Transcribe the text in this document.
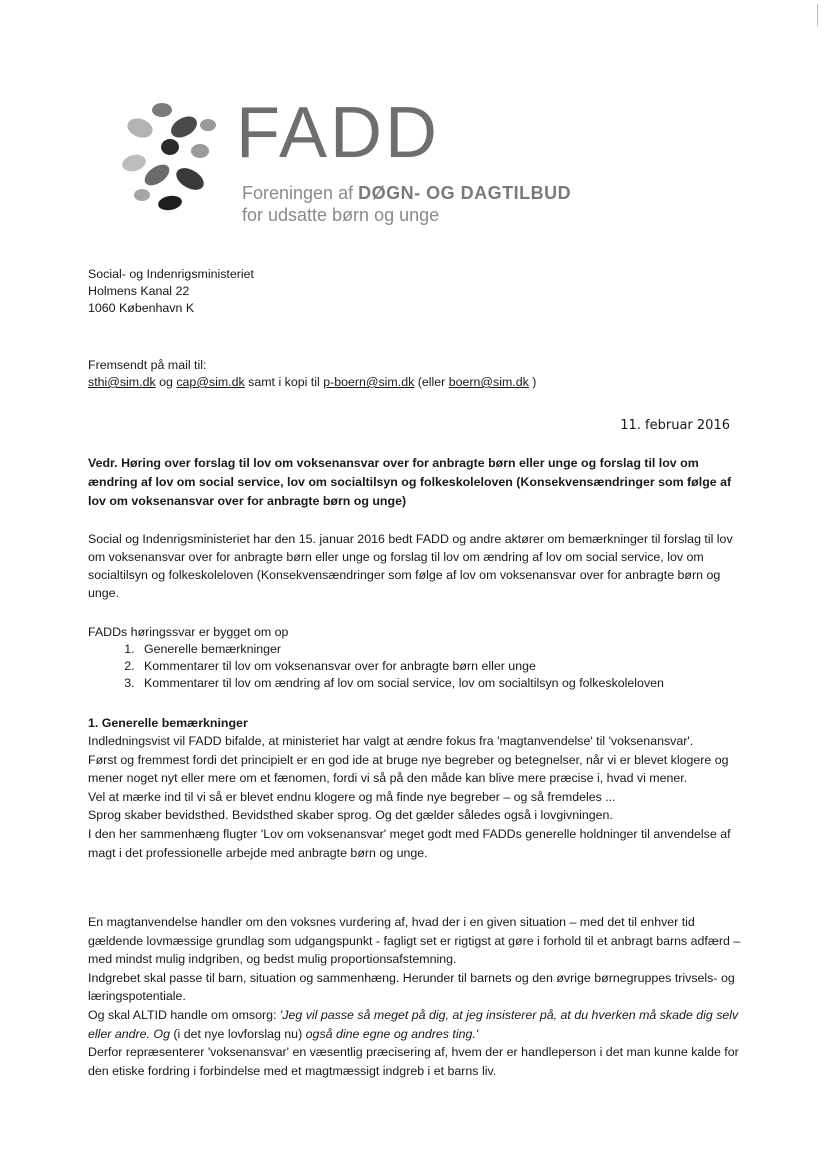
FADD
Foreningen af DØGN- OG DAGTILBUD
for udsatte børn og unge
Social- og Indenrigsministeriet
Holmens Kanal 22
1060 København K
Fremsendt på mail til:
sthi@sim.dk og cap@sim.dk samt i kopi til p-boern@sim.dk (eller boern@sim.dk )
11. februar 2016
Vedr. Høring over forslag til lov om voksenansvar over for anbragte børn eller unge og forslag til lov om ændring af lov om social service, lov om socialtilsyn og folkeskoleloven (Konsekvensændringer som følge af lov om voksenansvar over for anbragte børn og unge)
Social og Indenrigsministeriet har den 15. januar 2016 bedt FADD og andre aktører om bemærkninger til forslag til lov om voksenansvar over for anbragte børn eller unge og forslag til lov om ændring af lov om social service, lov om socialtilsyn og folkeskoleloven (Konsekvensændringer som følge af lov om voksenansvar over for anbragte børn og unge.
FADDs høringssvar er bygget om op
1. Generelle bemærkninger
2. Kommentarer til lov om voksenansvar over for anbragte børn eller unge
3. Kommentarer til lov om ændring af lov om social service, lov om socialtilsyn og folkeskoleloven
1. Generelle bemærkninger

Indledningsvist vil FADD bifalde, at ministeriet har valgt at ændre fokus fra 'magtanvendelse' til 'voksenansvar'.

Først og fremmest fordi det principielt er en god ide at bruge nye begreber og betegnelser, når vi er blevet klogere og mener noget nyt eller mere om et fænomen, fordi vi så på den måde kan blive mere præcise i, hvad vi mener.

Vel at mærke ind til vi så er blevet endnu klogere og må finde nye begreber – og så fremdeles ...

Sprog skaber bevidsthed. Bevidsthed skaber sprog. Og det gælder således også i lovgivningen.

I den her sammenhæng flugter 'Lov om voksenansvar' meget godt med FADDs generelle holdninger til anvendelse af magt i det professionelle arbejde med anbragte børn og unge.

En magtanvendelse handler om den voksnes vurdering af, hvad der i en given situation – med det til enhver tid gældende lovmæssige grundlag som udgangspunkt - fagligt set er rigtigst at gøre i forhold til et anbragt barns adfærd – med mindst mulig indgriben, og bedst mulig proportionsafstemning.

Indgrebet skal passe til barn, situation og sammenhæng. Herunder til barnets og den øvrige børnegruppes trivsels- og læringspotentiale.

Og skal ALTID handle om omsorg: 'Jeg vil passe så meget på dig, at jeg insisterer på, at du hverken må skade dig selv eller andre. Og (i det nye lovforslag nu) også dine egne og andres ting.'

Derfor repræsenterer 'voksenansvar' en væsentlig præcisering af, hvem der er handleperson i det man kunne kalde for den etiske fordring i forbindelse med et magtmæssigt indgreb i et barns liv.
